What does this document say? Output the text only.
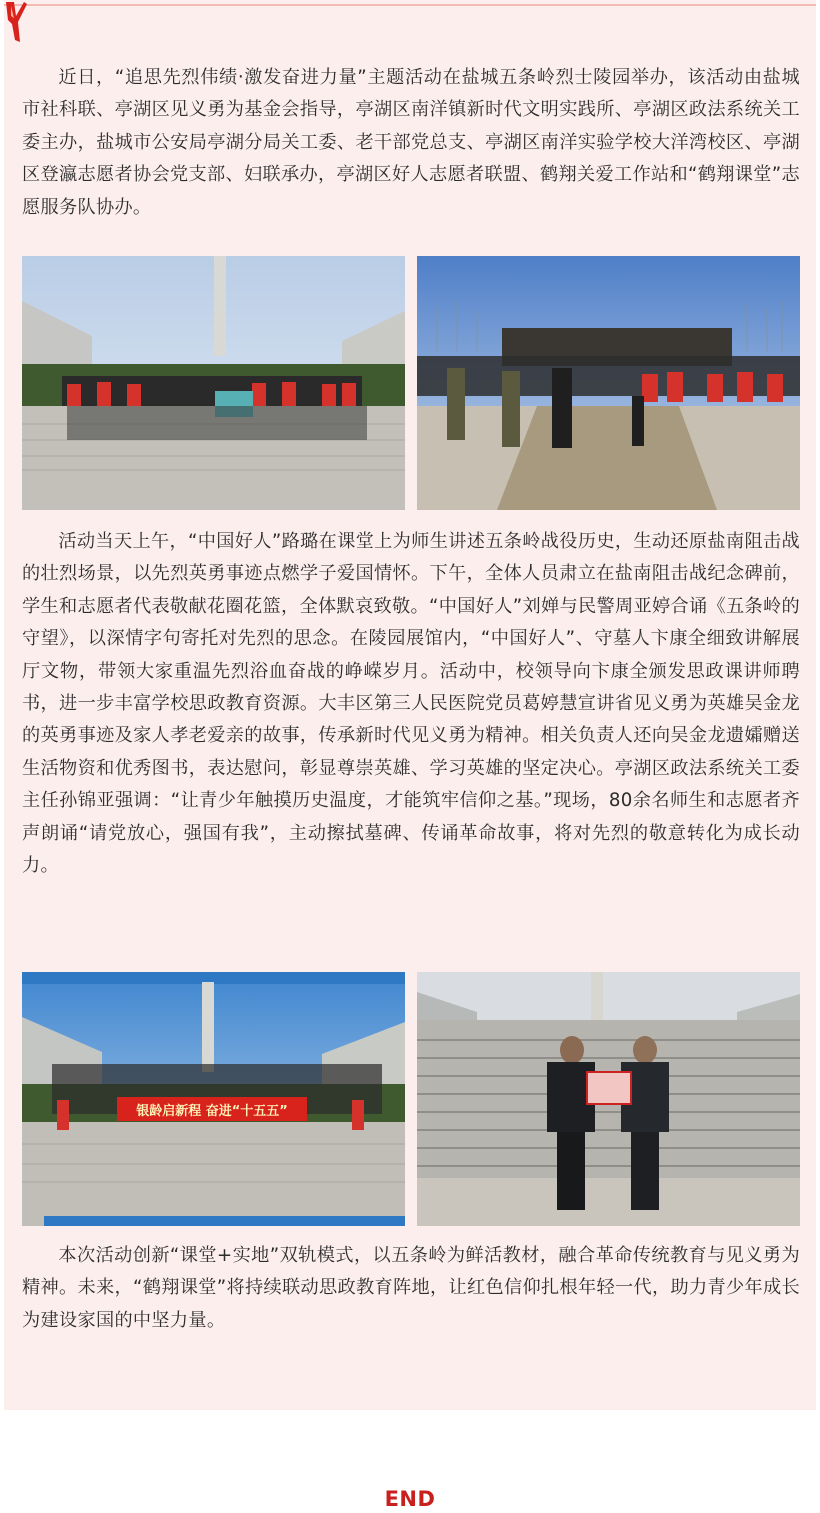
近日，“追思先烈伟绩·激发奋进力量”主题活动在盐城五条岭烈士陵园举办，该活动由盐城市社科联、亭湖区见义勇为基金会指导，亭湖区南洋镇新时代文明实践所、亭湖区政法系统关工委主办，盐城市公安局亭湖分局关工委、老干部党总支、亭湖区南洋实验学校大洋湾校区、亭湖区登瀛志愿者协会党支部、妇联承办，亭湖区好人志愿者联盟、鹤翔关爱工作站和“鹤翔课堂”志愿服务队协办。

活动当天上午，“中国好人”路璐在课堂上为师生讲述五条岭战役历史，生动还原盐南阻击战的壮烈场景，以先烈英勇事迹点燃学子爱国情怀。下午，全体人员肃立在盐南阻击战纪念碑前，学生和志愿者代表敬献花圈花篮，全体默哀致敬。“中国好人”刘婵与民警周亚婷合诵《五条岭的守望》，以深情字句寄托对先烈的思念。在陵园展馆内，“中国好人”、守墓人卞康全细致讲解展厅文物，带领大家重温先烈浴血奋战的峥嵘岁月。活动中，校领导向卞康全颁发思政课讲师聘书，进一步丰富学校思政教育资源。大丰区第三人民医院党员葛婷慧宣讲省见义勇为英雄吴金龙的英勇事迹及家人孝老爱亲的故事，传承新时代见义勇为精神。相关负责人还向吴金龙遗孀赠送生活物资和优秀图书，表达慰问，彰显尊崇英雄、学习英雄的坚定决心。亭湖区政法系统关工委主任孙锦亚强调：“让青少年触摸历史温度，才能筑牢信仰之基。”现场，80余名师生和志愿者齐声朗诵“请党放心，强国有我”，主动擦拭墓碑、传诵革命故事，将对先烈的敬意转化为成长动力。

银龄启新程 奋进“十五五”

本次活动创新“课堂+实地”双轨模式，以五条岭为鲜活教材，融合革命传统教育与见义勇为精神。未来，“鹤翔课堂”将持续联动思政教育阵地，让红色信仰扎根年轻一代，助力青少年成长为建设家国的中坚力量。

END
